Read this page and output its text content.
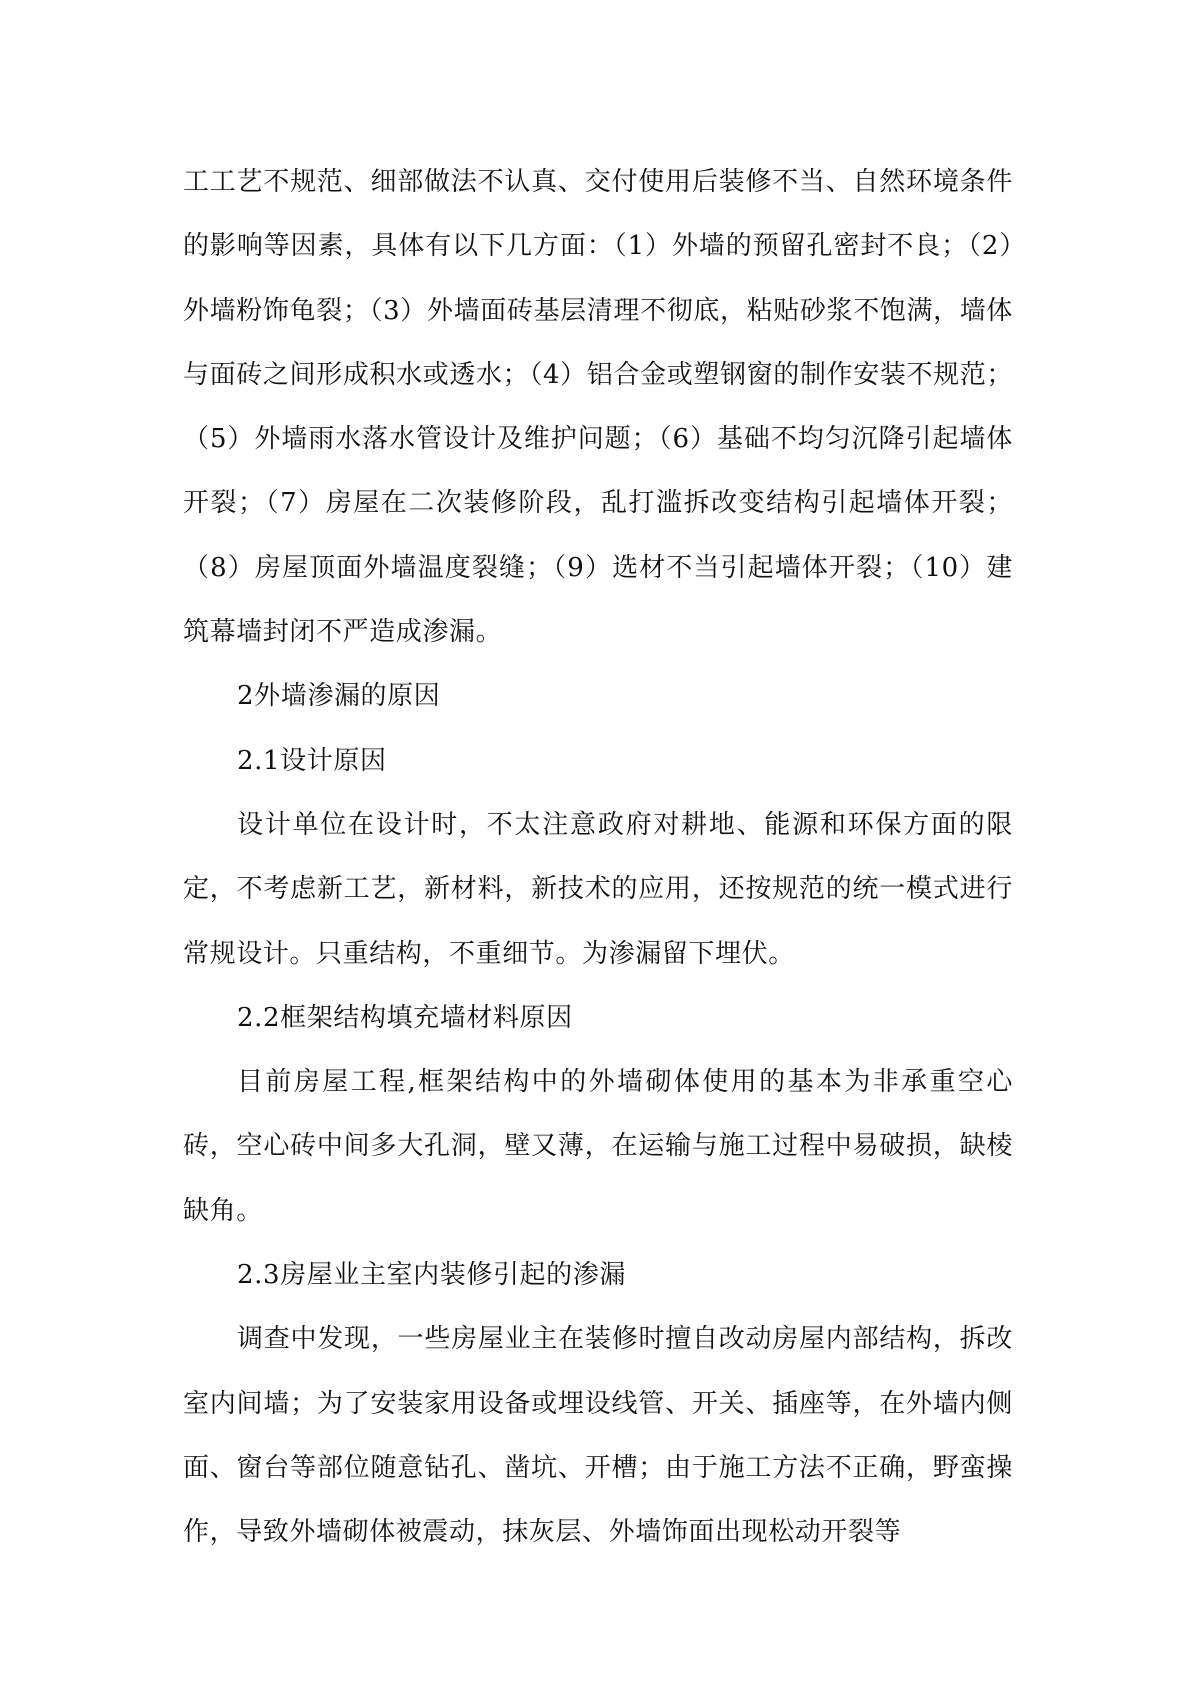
工工艺不规范、细部做法不认真、交付使用后装修不当、自然环境条件的影响等因素，具体有以下几方面：（1）外墙的预留孔密封不良；（2）外墙粉饰龟裂；（3）外墙面砖基层清理不彻底，粘贴砂浆不饱满，墙体与面砖之间形成积水或透水；（4）铝合金或塑钢窗的制作安装不规范；（5）外墙雨水落水管设计及维护问题；（6）基础不均匀沉降引起墙体开裂；（7）房屋在二次装修阶段，乱打滥拆改变结构引起墙体开裂；（8）房屋顶面外墙温度裂缝；（9）选材不当引起墙体开裂；（10）建筑幕墙封闭不严造成渗漏。

2外墙渗漏的原因

2.1设计原因

设计单位在设计时，不太注意政府对耕地、能源和环保方面的限定，不考虑新工艺，新材料，新技术的应用，还按规范的统一模式进行常规设计。只重结构，不重细节。为渗漏留下埋伏。

2.2框架结构填充墙材料原因

目前房屋工程,框架结构中的外墙砌体使用的基本为非承重空心砖，空心砖中间多大孔洞，壁又薄，在运输与施工过程中易破损，缺棱缺角。

2.3房屋业主室内装修引起的渗漏

调查中发现，一些房屋业主在装修时擅自改动房屋内部结构，拆改室内间墙；为了安装家用设备或埋设线管、开关、插座等，在外墙内侧面、窗台等部位随意钻孔、凿坑、开槽；由于施工方法不正确，野蛮操作，导致外墙砌体被震动，抹灰层、外墙饰面出现松动开裂等
